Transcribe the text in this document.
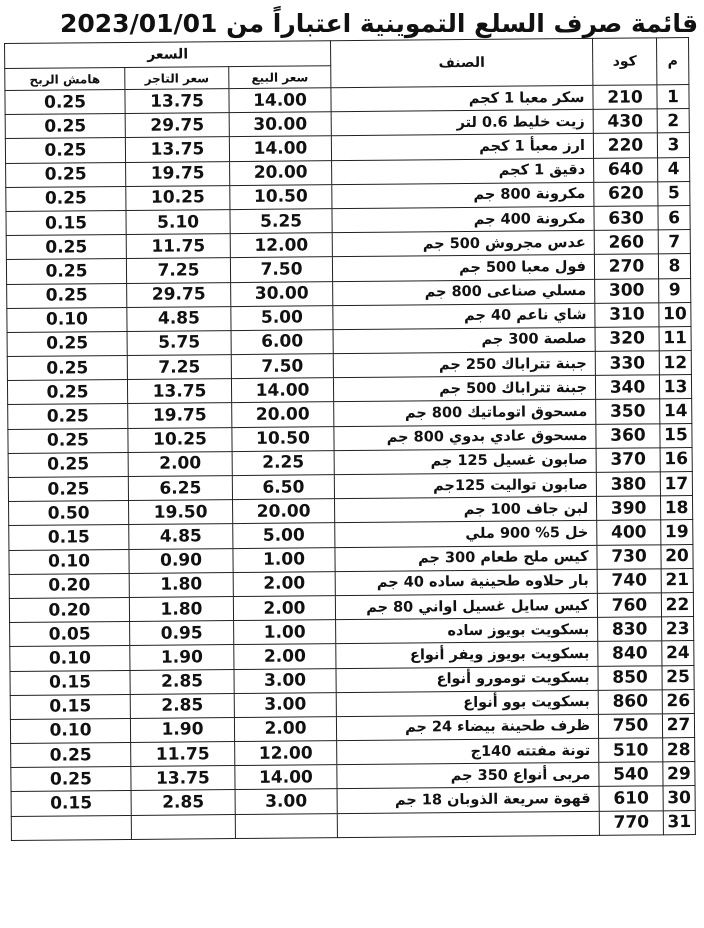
قائمة صرف السلع التموينية اعتباراً من 2023/01/01
م	كود	الصنف	السعر		
			سعر البيع	سعر التاجر	هامش الربح
1	210	سكر معبا 1 كجم	14.00	13.75	0.25
2	430	زيت خليط 0.6 لتر	30.00	29.75	0.25
3	220	ارز معبأ 1 كجم	14.00	13.75	0.25
4	640	دقيق 1 كجم	20.00	19.75	0.25
5	620	مكرونة 800 جم	10.50	10.25	0.25
6	630	مكرونة 400 جم	5.25	5.10	0.15
7	260	عدس مجروش 500 جم	12.00	11.75	0.25
8	270	فول معبا 500 جم	7.50	7.25	0.25
9	300	مسلي صناعى 800 جم	30.00	29.75	0.25
10	310	شاي ناعم 40 جم	5.00	4.85	0.10
11	320	صلصة 300 جم	6.00	5.75	0.25
12	330	جبنة تتراباك 250 جم	7.50	7.25	0.25
13	340	جبنة تتراباك 500 جم	14.00	13.75	0.25
14	350	مسحوق اتوماتيك 800 جم	20.00	19.75	0.25
15	360	مسحوق عادي بدوي 800 جم	10.50	10.25	0.25
16	370	صابون غسيل 125 جم	2.25	2.00	0.25
17	380	صابون تواليت 125جم	6.50	6.25	0.25
18	390	لبن جاف 100 جم	20.00	19.50	0.50
19	400	خل 5% 900 ملي	5.00	4.85	0.15
20	730	كيس ملح طعام 300 جم	1.00	0.90	0.10
21	740	بار حلاوه طحينية ساده 40 جم	2.00	1.80	0.20
22	760	كيس سايل غسيل اواني 80 جم	2.00	1.80	0.20
23	830	بسكويت بويوز ساده	1.00	0.95	0.05
24	840	بسكويت بويوز ويفر أنواع	2.00	1.90	0.10
25	850	بسكويت تومورو أنواع	3.00	2.85	0.15
26	860	بسكويت بوو أنواع	3.00	2.85	0.15
27	750	ظرف طحينة بيضاء 24 جم	2.00	1.90	0.10
28	510	تونة مفتته 140ج	12.00	11.75	0.25
29	540	مربى أنواع 350 جم	14.00	13.75	0.25
30	610	قهوة سريعة الذوبان 18 جم	3.00	2.85	0.15
31	770				
